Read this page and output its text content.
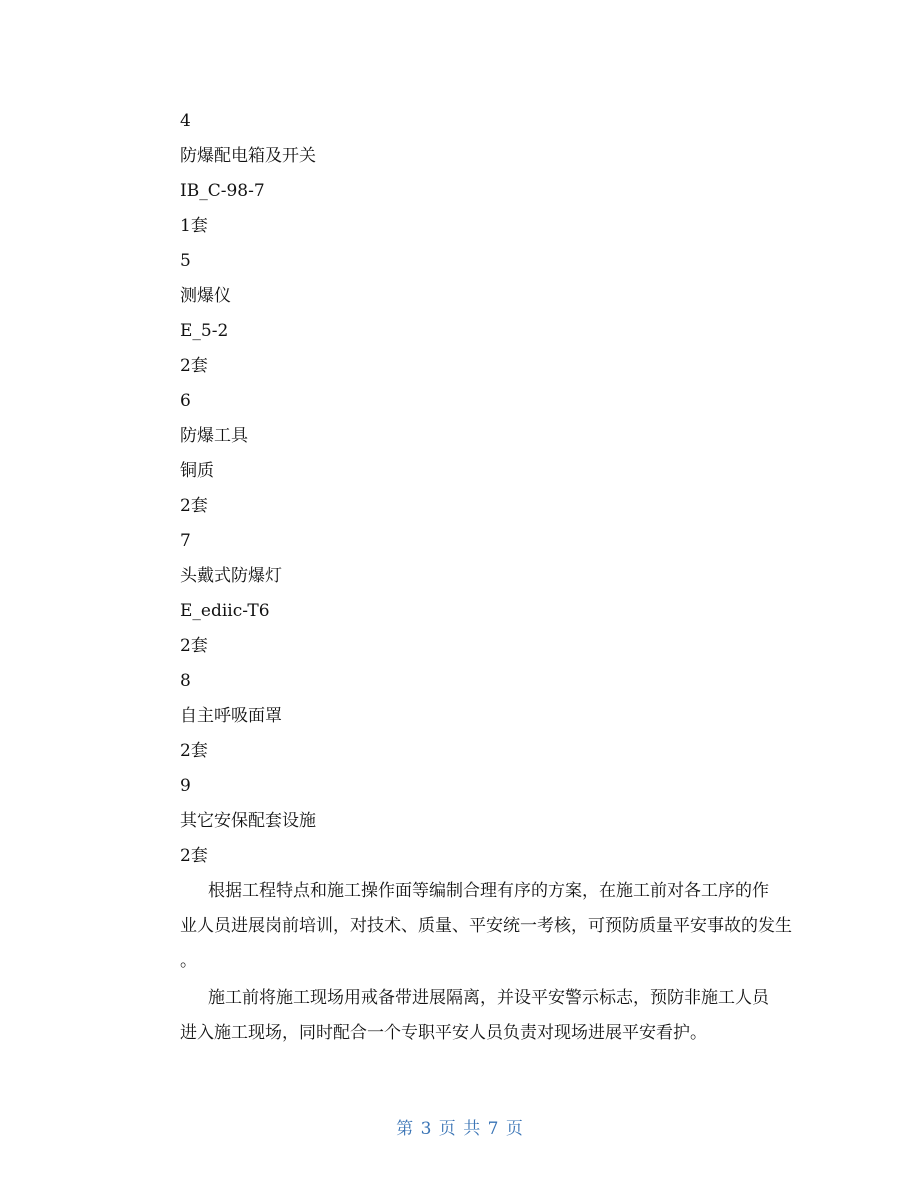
4
防爆配电箱及开关
IB_C-98-7
1套
5
测爆仪
E_5-2
2套
6
防爆工具
铜质
2套
7
头戴式防爆灯
E_ediic-T6
2套
8
自主呼吸面罩
2套
9
其它安保配套设施
2套
根据工程特点和施工操作面等编制合理有序的方案，在施工前对各工序的作
业人员进展岗前培训，对技术、质量、平安统一考核，可预防质量平安事故的发生
。
施工前将施工现场用戒备带进展隔离，并设平安警示标志，预防非施工人员
进入施工现场，同时配合一个专职平安人员负责对现场进展平安看护。
第 3 页 共 7 页
